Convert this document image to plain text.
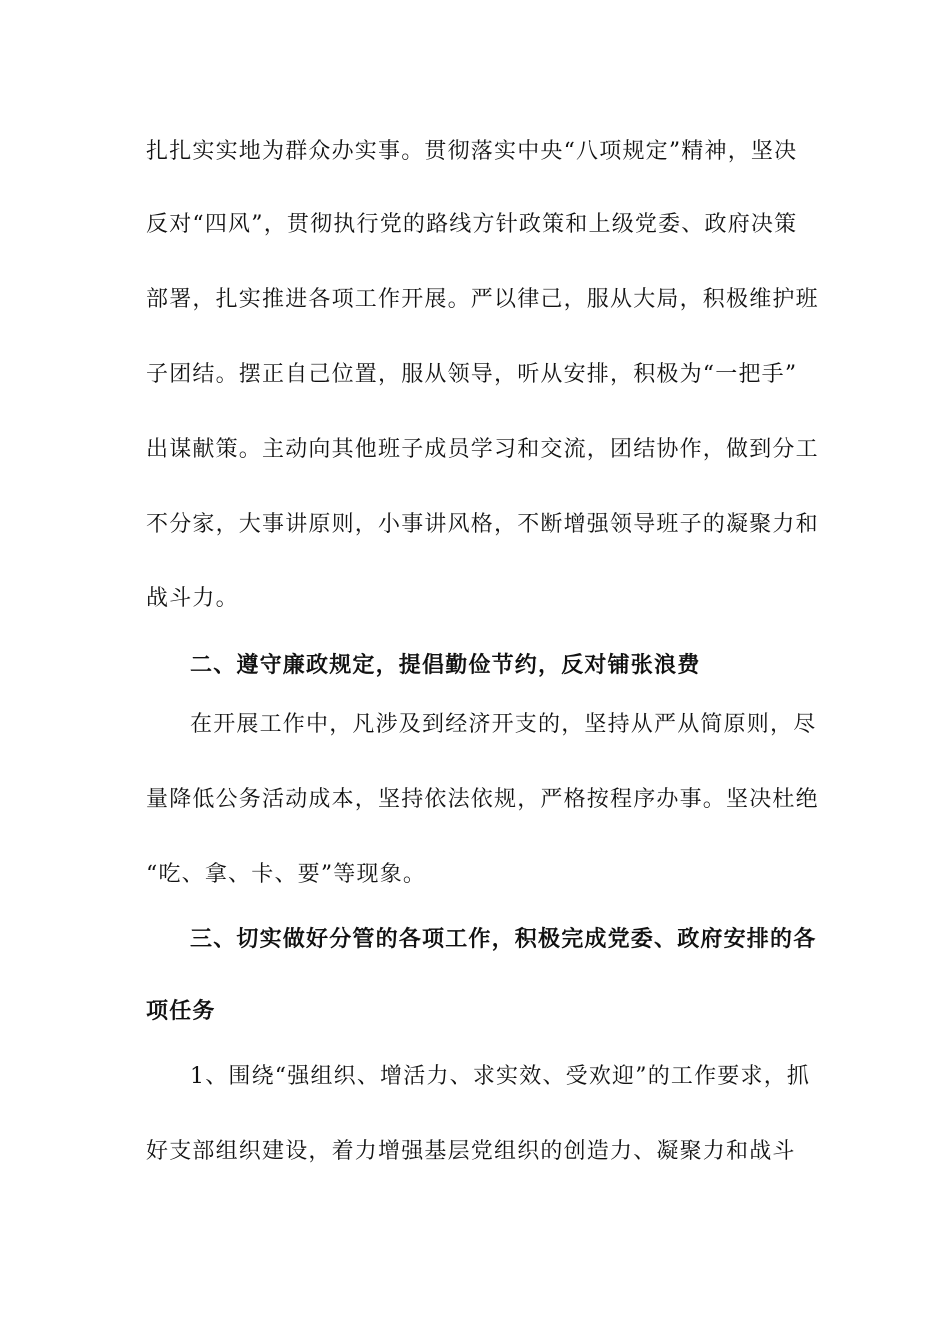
扎扎实实地为群众办实事。贯彻落实中央“八项规定”精神，坚决
反对“四风”，贯彻执行党的路线方针政策和上级党委、政府决策
部署，扎实推进各项工作开展。严以律己，服从大局，积极维护班
子团结。摆正自己位置，服从领导，听从安排，积极为“一把手”
出谋献策。主动向其他班子成员学习和交流，团结协作，做到分工
不分家，大事讲原则，小事讲风格，不断增强领导班子的凝聚力和
战斗力。
二、遵守廉政规定，提倡勤俭节约，反对铺张浪费
在开展工作中，凡涉及到经济开支的，坚持从严从简原则，尽
量降低公务活动成本，坚持依法依规，严格按程序办事。坚决杜绝
“吃、拿、卡、要”等现象。
三、切实做好分管的各项工作，积极完成党委、政府安排的各
项任务
1、围绕“强组织、增活力、求实效、受欢迎”的工作要求，抓
好支部组织建设，着力增强基层党组织的创造力、凝聚力和战斗
